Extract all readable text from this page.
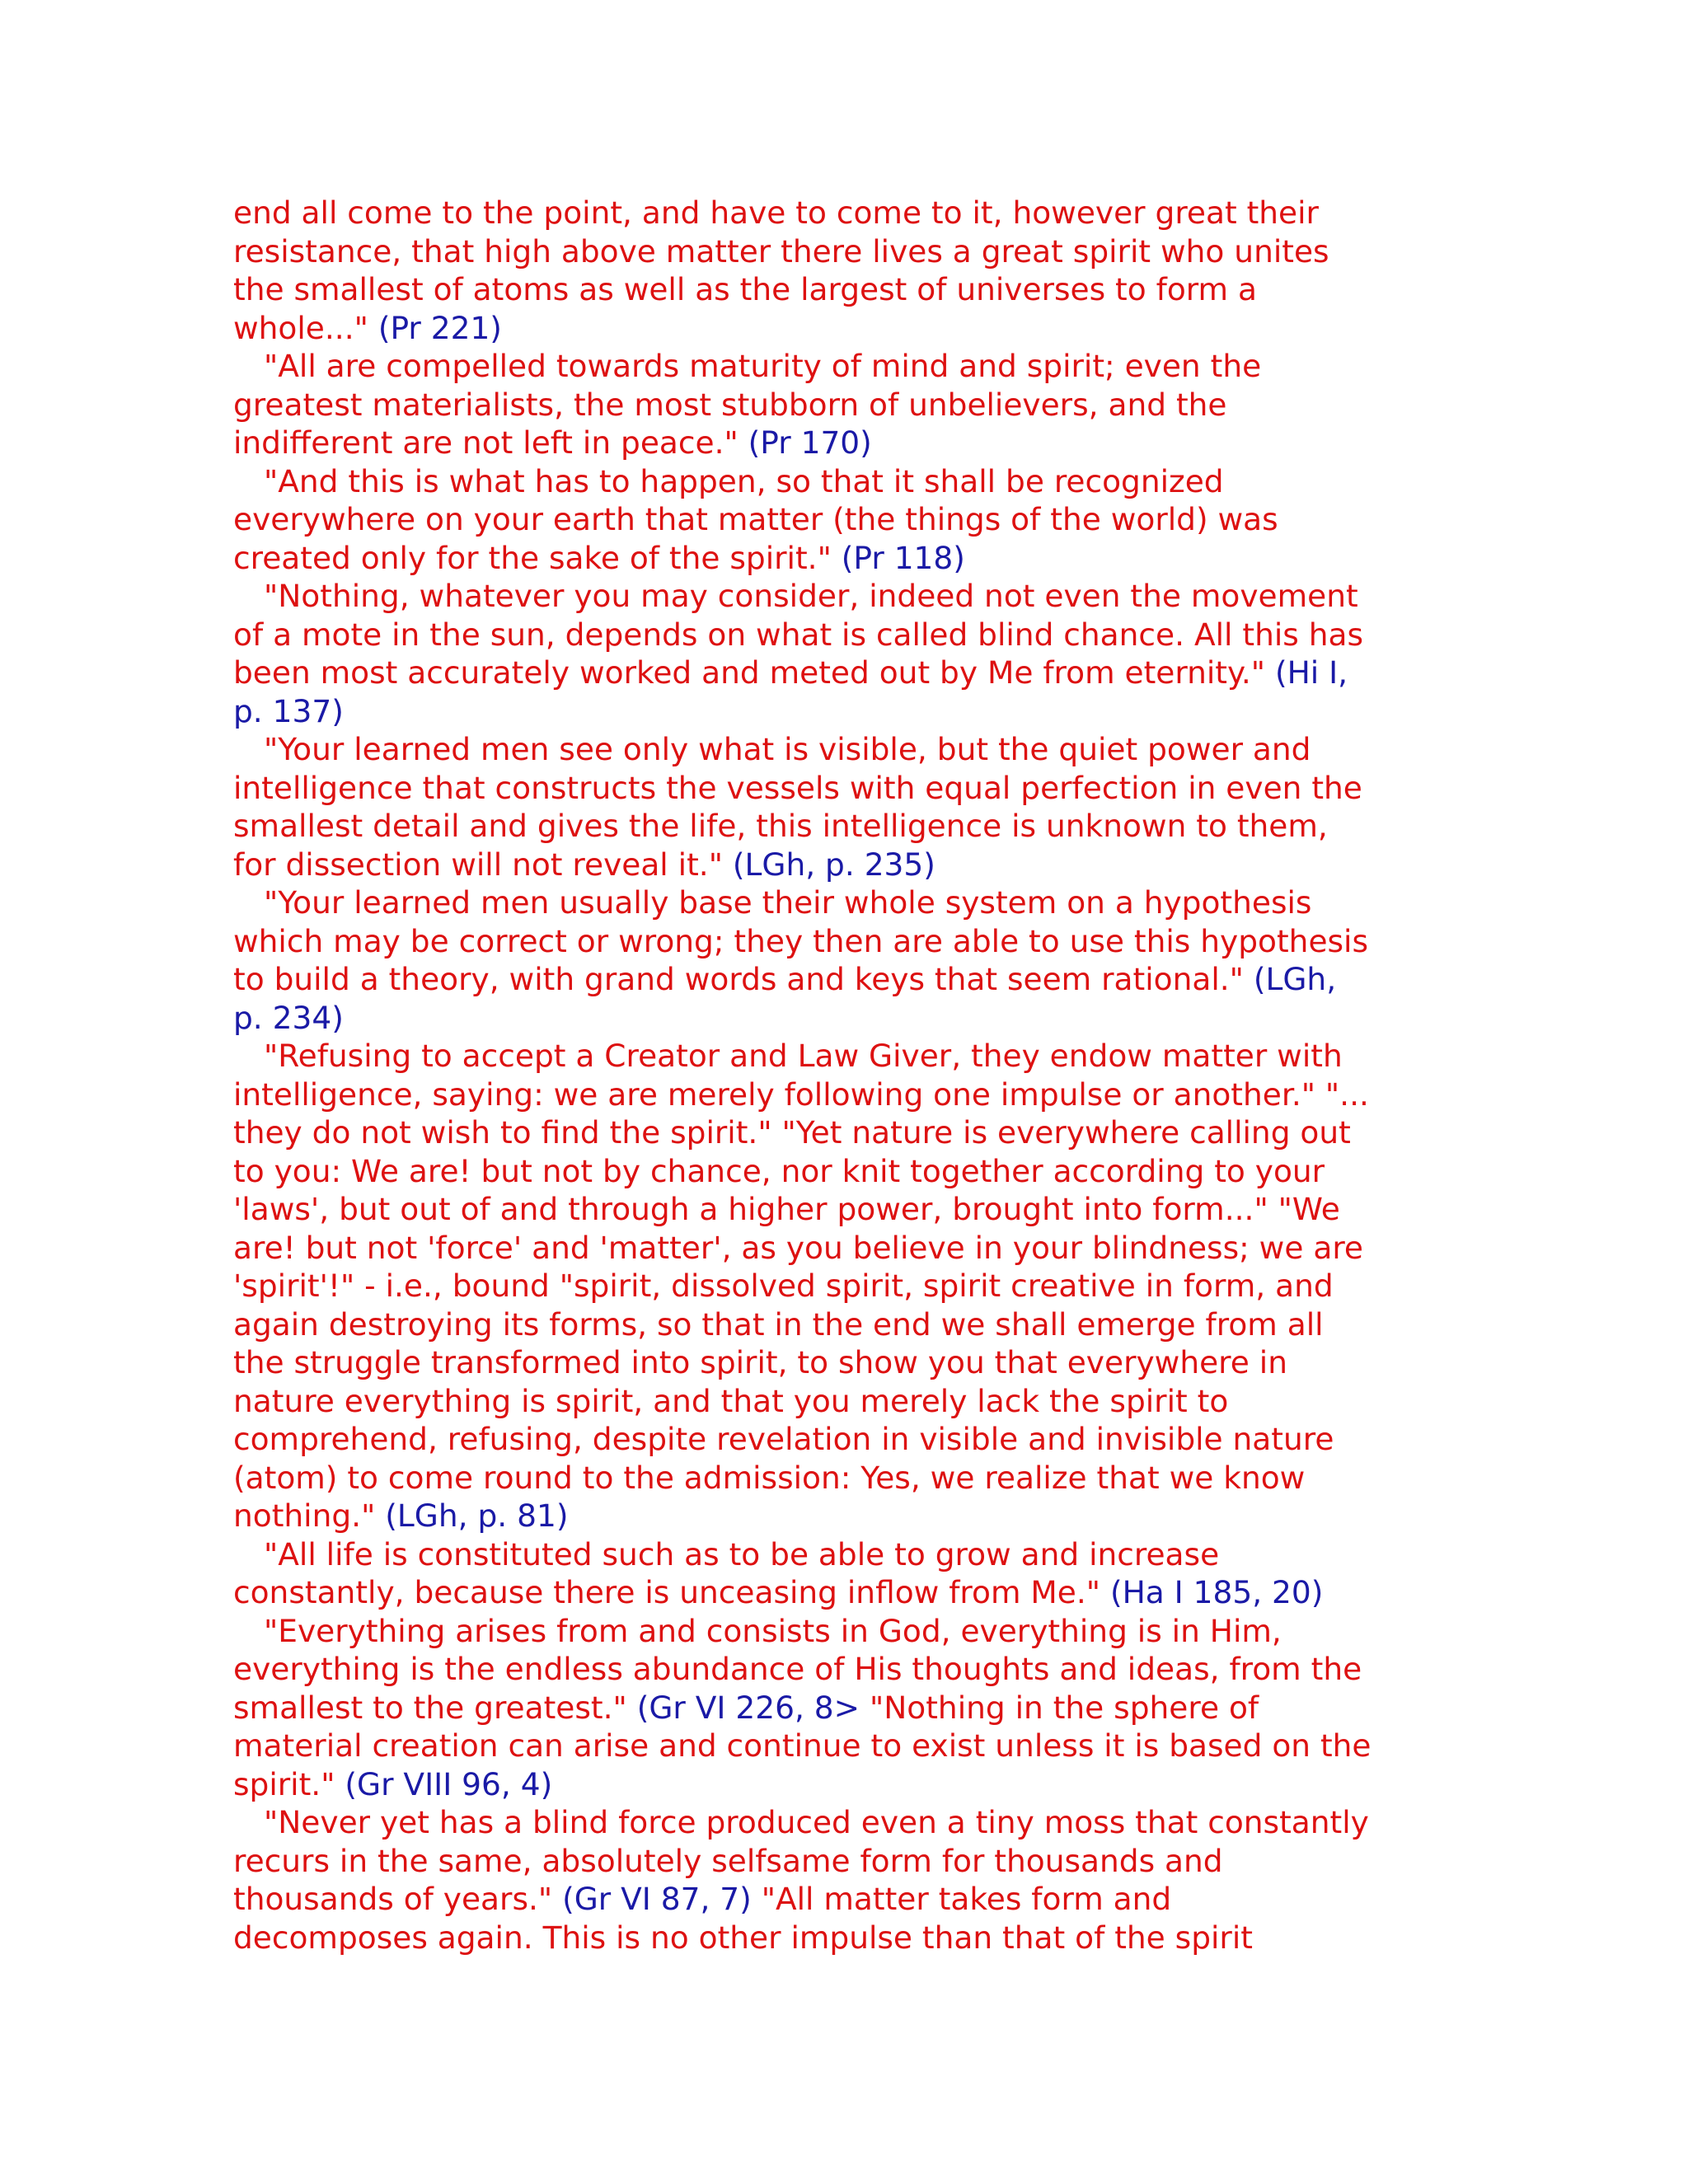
end all come to the point, and have to come to it, however great their
resistance, that high above matter there lives a great spirit who unites
the smallest of atoms as well as the largest of universes to form a
whole..." (Pr 221)
"All are compelled towards maturity of mind and spirit; even the
greatest materialists, the most stubborn of unbelievers, and the
indifferent are not left in peace." (Pr 170)
"And this is what has to happen, so that it shall be recognized
everywhere on your earth that matter (the things of the world) was
created only for the sake of the spirit." (Pr 118)
"Nothing, whatever you may consider, indeed not even the movement
of a mote in the sun, depends on what is called blind chance. All this has
been most accurately worked and meted out by Me from eternity." (Hi I,
p. 137)
"Your learned men see only what is visible, but the quiet power and
intelligence that constructs the vessels with equal perfection in even the
smallest detail and gives the life, this intelligence is unknown to them,
for dissection will not reveal it." (LGh, p. 235)
"Your learned men usually base their whole system on a hypothesis
which may be correct or wrong; they then are able to use this hypothesis
to build a theory, with grand words and keys that seem rational." (LGh,
p. 234)
"Refusing to accept a Creator and Law Giver, they endow matter with
intelligence, saying: we are merely following one impulse or another." "...
they do not wish to find the spirit." "Yet nature is everywhere calling out
to you: We are! but not by chance, nor knit together according to your
'laws', but out of and through a higher power, brought into form..." "We
are! but not 'force' and 'matter', as you believe in your blindness; we are
'spirit'!" - i.e., bound "spirit, dissolved spirit, spirit creative in form, and
again destroying its forms, so that in the end we shall emerge from all
the struggle transformed into spirit, to show you that everywhere in
nature everything is spirit, and that you merely lack the spirit to
comprehend, refusing, despite revelation in visible and invisible nature
(atom) to come round to the admission: Yes, we realize that we know
nothing." (LGh, p. 81)
"All life is constituted such as to be able to grow and increase
constantly, because there is unceasing inflow from Me." (Ha I 185, 20)
"Everything arises from and consists in God, everything is in Him,
everything is the endless abundance of His thoughts and ideas, from the
smallest to the greatest." (Gr VI 226, 8> "Nothing in the sphere of
material creation can arise and continue to exist unless it is based on the
spirit." (Gr VIII 96, 4)
"Never yet has a blind force produced even a tiny moss that constantly
recurs in the same, absolutely selfsame form for thousands and
thousands of years." (Gr VI 87, 7) "All matter takes form and
decomposes again. This is no other impulse than that of the spirit
